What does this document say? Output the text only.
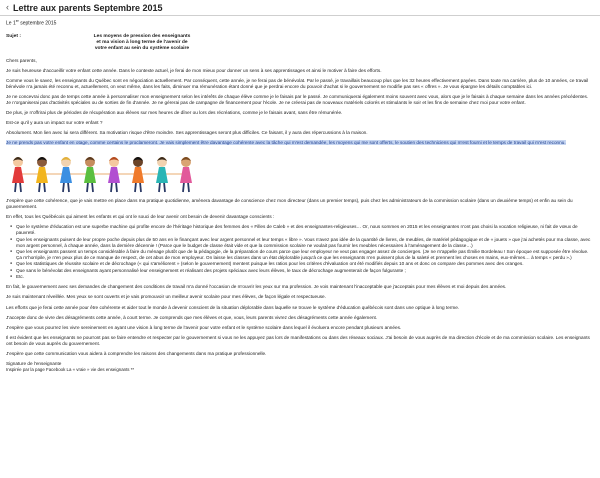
‹ Lettre aux parents Septembre 2015
Le 1er septembre 2015
Sujet :	Les moyens de pression des enseignants
et ma vision à long terme de l'avenir de
votre enfant au sein du système scolaire

Chers parents,

Je suis heureuse d'accueillir votre enfant cette année. Dans le contexte actuel, je ferai de mon mieux pour donner un sens à ses apprentissages et ainsi le motiver à faire des efforts.

Comme vous le savez, les enseignants du Québec sont en négociation actuellement. Par conséquent, cette année, je ne ferai pas de bénévolat. Par le passé, je travaillais beaucoup plus que les 32 heures effectivement payées. Dans toute ma carrière, plus de 10 années, ce travail bénévole n'a jamais été reconnu et, actuellement, on veut même, dans les faits, diminuer ma rémunération étant donné que je perdrai encore du pouvoir d'achat si le gouvernement ne modifie pas ses « offres ». Je vous épargne les détails comptables ici.

Je ne concevrai donc pas de temps cette année à personnaliser mon enseignement selon les intérêts de chaque élève comme je le faisais par le passé. Je communiquerai également moins souvent avec vous, alors que je le faisais à chaque semaine dans les années précédentes. Je n'organiserai pas d'activités spéciales ou de sorties de fin d'année. Je ne gérerai pas de campagne de financement pour l'école. Je ne créerai pas de nouveaux matériels colorés et stimulants le soir et les fins de semaine chez moi pour votre enfant.

De plus, je n'offrirai plus de périodes de récupération aux élèves sur mes heures de dîner ou lors des récréations, comme je le faisais avant, sans être rémunérée.

Est-ce qu'il y aura un impact sur votre enfant ?

Absolument. Mon lien avec lui sera différent. Sa motivation risque d'être moindre. Ses apprentissages seront plus difficiles. Ce faisant, il y aura des répercussions à la maison.

Je ne prends pas votre enfant en otage, comme certains le proclameront. Je vais simplement être davantage cohérente avec la tâche qui m'est demandée, les moyens qui me sont offerts, le soutien des techniciens qui m'est fourni et le temps de travail qui m'est reconnu.

J'espère que cette cohérence, que je vais mettre en place dans ma pratique quotidienne, amènera davantage de conscience chez mon directeur (dans un premier temps), puis chez les administrateurs de la commission scolaire (dans un deuxième temps) et enfin au sein du gouvernement.

En effet, tous les Québécois qui aiment les enfants et qui ont le souci de leur avenir ont besoin de devenir davantage conscients :

● Que le système d'éducation est une superbe machine qui profite encore de l'héritage historique des femmes des « Filles de Caleb » et des enseignantes-religieuses… Or, nous sommes en 2015 et les enseignantes n'ont pas choisi la vocation religieuse, ni fait de vœux de pauvreté.
● Que les enseignants puisent de leur propre poche depuis plus de 50 ans en le finançant avec leur argent personnel et leur temps « libre ». Vous n'avez pas idée de la quantité de livres, de meubles, de matériel pédagogique et de « jouets » que j'ai achetés pour ma classe, avec mon argent personnel, à chaque année, dans la dernière décennie ! (Parce que le budget de classe était vide et que la commission scolaire ne voulait pas fournir les meubles nécessaires à l'aménagement de la classe…)
● Que les enseignants passent un temps considérable à faire du ménage plutôt que de la pédagogie, de la préparation de cours parce que leur employeur ne veut pas engager assez de concierges. (Je ne m'appelle pas Émilie Bordeleau ! Son époque est supposée être révolue. Ça m'horripile, je n'en peux plus de ce manque de respect, de cet abus de mon employeur. On laisse les classes dans un état déplorable jusqu'à ce que les enseignants n'en puissent plus de la saleté et prennent les choses en mains, eux-mêmes… à temps « perdu ».)
● Que les statistiques de réussite scolaire et de décrochage (« qui s'améliorent » (selon le gouvernement) mentent puisque les ratios pour les critères d'évaluation ont été modifiés depuis 10 ans et donc on compare des pommes avec des oranges.
● Que sans le bénévolat des enseignants ayant personnalisé leur enseignement et réalisant des projets spéciaux avec leurs élèves, le taux de décrochage augmenterait de façon fulgurante ;
● Etc.

En fait, le gouvernement avec ses demandes de changement des conditions de travail m'a donné l'occasion de m'ouvrir les yeux sur ma profession. Je vois maintenant l'inacceptable que j'acceptais pour mes élèves et moi depuis des années.

Je suis maintenant réveillée. Mes yeux se sont ouverts et je vais promouvoir un meilleur avenir scolaire pour mes élèves, de façon légale et respectueuse.

Les efforts que je ferai cette année pour être cohérente et aider tout le monde à devenir conscient de la situation déplorable dans laquelle se trouve le système d'éducation québécois sont dans une optique à long terme.

J'accepte donc de vivre des désagréments cette année, à court terme. Je comprends que mes élèves et que, vous, leurs parents vivrez des désagréments cette année également.

J'espère que vous pourrez les vivre sereinement en ayant une vision à long terme de l'avenir pour votre enfant et le système scolaire dans lequel il évoluera encore pendant plusieurs années.

Il est évident que les enseignants ne pourront pas se faire entendre et respecter par le gouvernement si vous ne les appuyez pas lors de manifestations ou dans des réseaux sociaux. J'ai besoin de vous auprès de ma direction d'école et de ma commission scolaire. Les enseignants ont besoin de vous auprès du gouvernement.

J'espère que cette communication vous aidera à comprendre les raisons des changements dans ma pratique professionnelle.

Signature de l'enseignante
Inspirée par la page Facebook La « vraie » vie des enseignants **
